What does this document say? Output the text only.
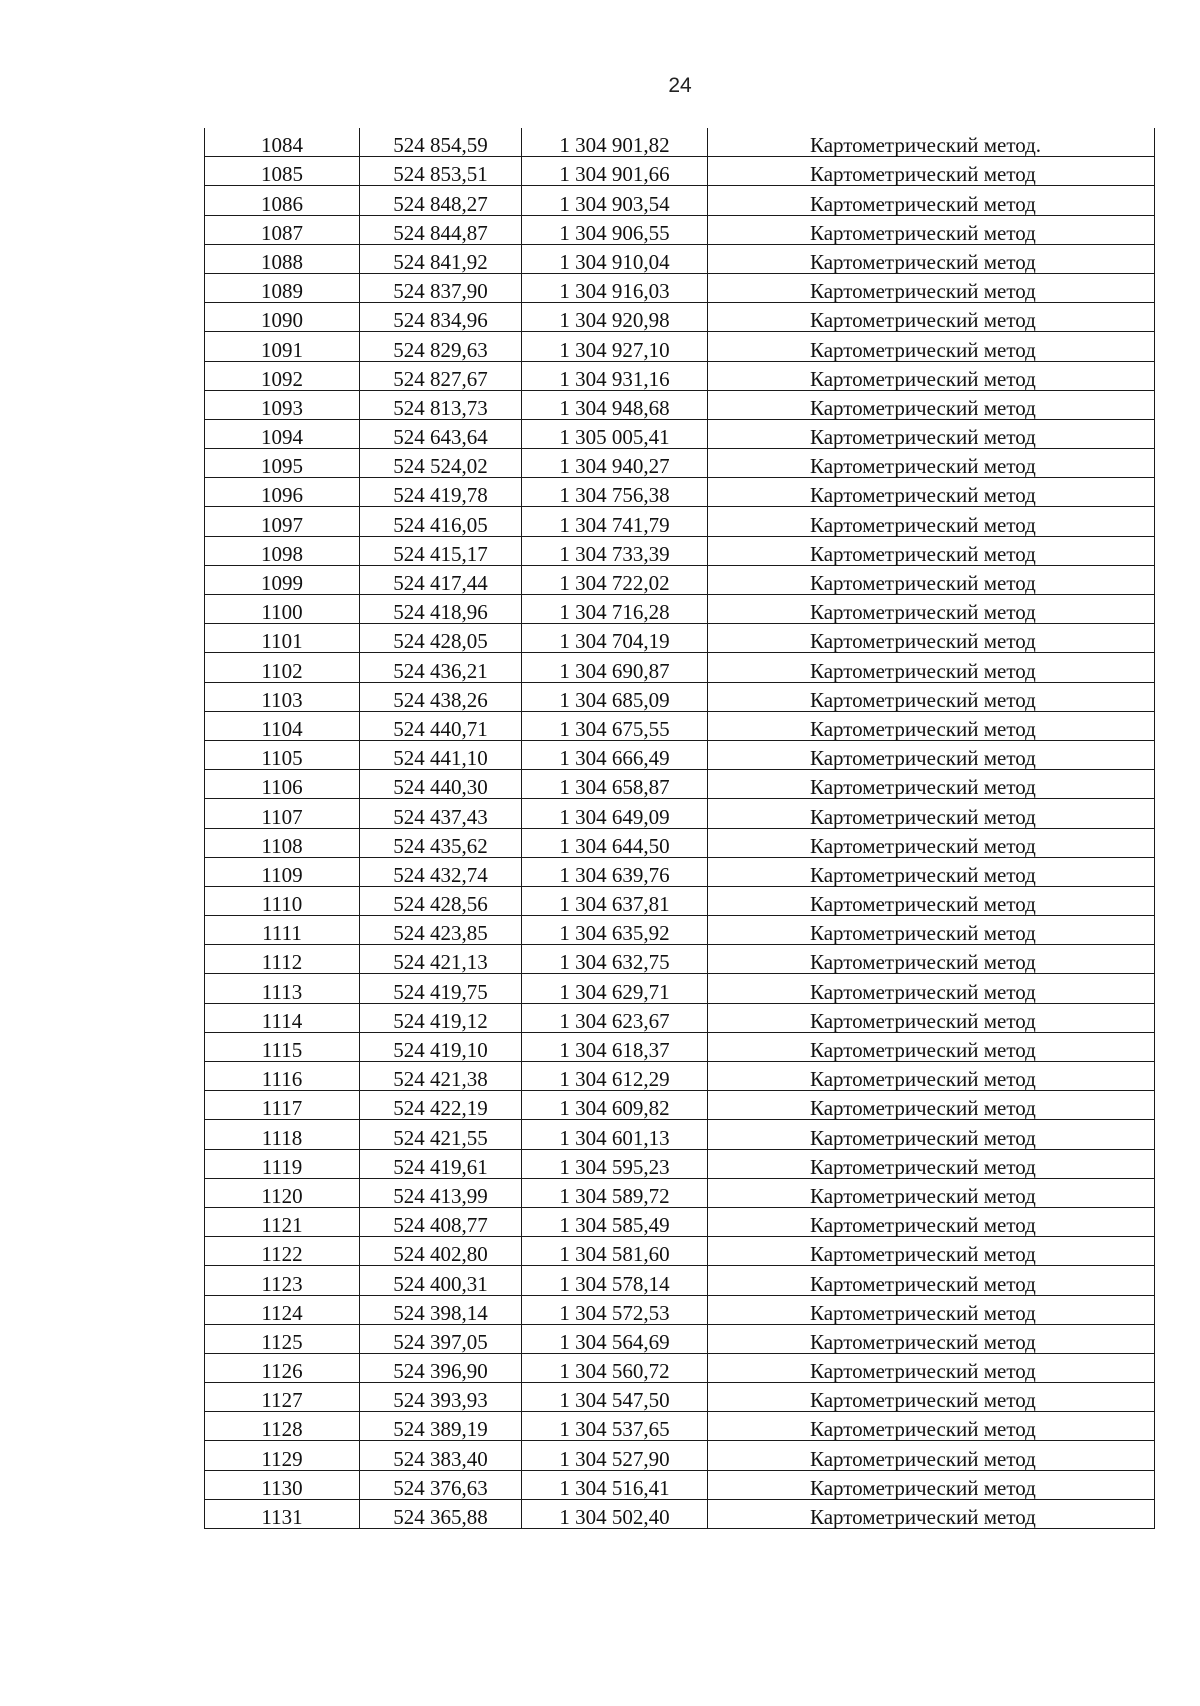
24
1084	524 854,59	1 304 901,82	Картометрический метод.
1085	524 853,51	1 304 901,66	Картометрический метод
1086	524 848,27	1 304 903,54	Картометрический метод
1087	524 844,87	1 304 906,55	Картометрический метод
1088	524 841,92	1 304 910,04	Картометрический метод
1089	524 837,90	1 304 916,03	Картометрический метод
1090	524 834,96	1 304 920,98	Картометрический метод
1091	524 829,63	1 304 927,10	Картометрический метод
1092	524 827,67	1 304 931,16	Картометрический метод
1093	524 813,73	1 304 948,68	Картометрический метод
1094	524 643,64	1 305 005,41	Картометрический метод
1095	524 524,02	1 304 940,27	Картометрический метод
1096	524 419,78	1 304 756,38	Картометрический метод
1097	524 416,05	1 304 741,79	Картометрический метод
1098	524 415,17	1 304 733,39	Картометрический метод
1099	524 417,44	1 304 722,02	Картометрический метод
1100	524 418,96	1 304 716,28	Картометрический метод
1101	524 428,05	1 304 704,19	Картометрический метод
1102	524 436,21	1 304 690,87	Картометрический метод
1103	524 438,26	1 304 685,09	Картометрический метод
1104	524 440,71	1 304 675,55	Картометрический метод
1105	524 441,10	1 304 666,49	Картометрический метод
1106	524 440,30	1 304 658,87	Картометрический метод
1107	524 437,43	1 304 649,09	Картометрический метод
1108	524 435,62	1 304 644,50	Картометрический метод
1109	524 432,74	1 304 639,76	Картометрический метод
1110	524 428,56	1 304 637,81	Картометрический метод
1111	524 423,85	1 304 635,92	Картометрический метод
1112	524 421,13	1 304 632,75	Картометрический метод
1113	524 419,75	1 304 629,71	Картометрический метод
1114	524 419,12	1 304 623,67	Картометрический метод
1115	524 419,10	1 304 618,37	Картометрический метод
1116	524 421,38	1 304 612,29	Картометрический метод
1117	524 422,19	1 304 609,82	Картометрический метод
1118	524 421,55	1 304 601,13	Картометрический метод
1119	524 419,61	1 304 595,23	Картометрический метод
1120	524 413,99	1 304 589,72	Картометрический метод
1121	524 408,77	1 304 585,49	Картометрический метод
1122	524 402,80	1 304 581,60	Картометрический метод
1123	524 400,31	1 304 578,14	Картометрический метод
1124	524 398,14	1 304 572,53	Картометрический метод
1125	524 397,05	1 304 564,69	Картометрический метод
1126	524 396,90	1 304 560,72	Картометрический метод
1127	524 393,93	1 304 547,50	Картометрический метод
1128	524 389,19	1 304 537,65	Картометрический метод
1129	524 383,40	1 304 527,90	Картометрический метод
1130	524 376,63	1 304 516,41	Картометрический метод
1131	524 365,88	1 304 502,40	Картометрический метод
